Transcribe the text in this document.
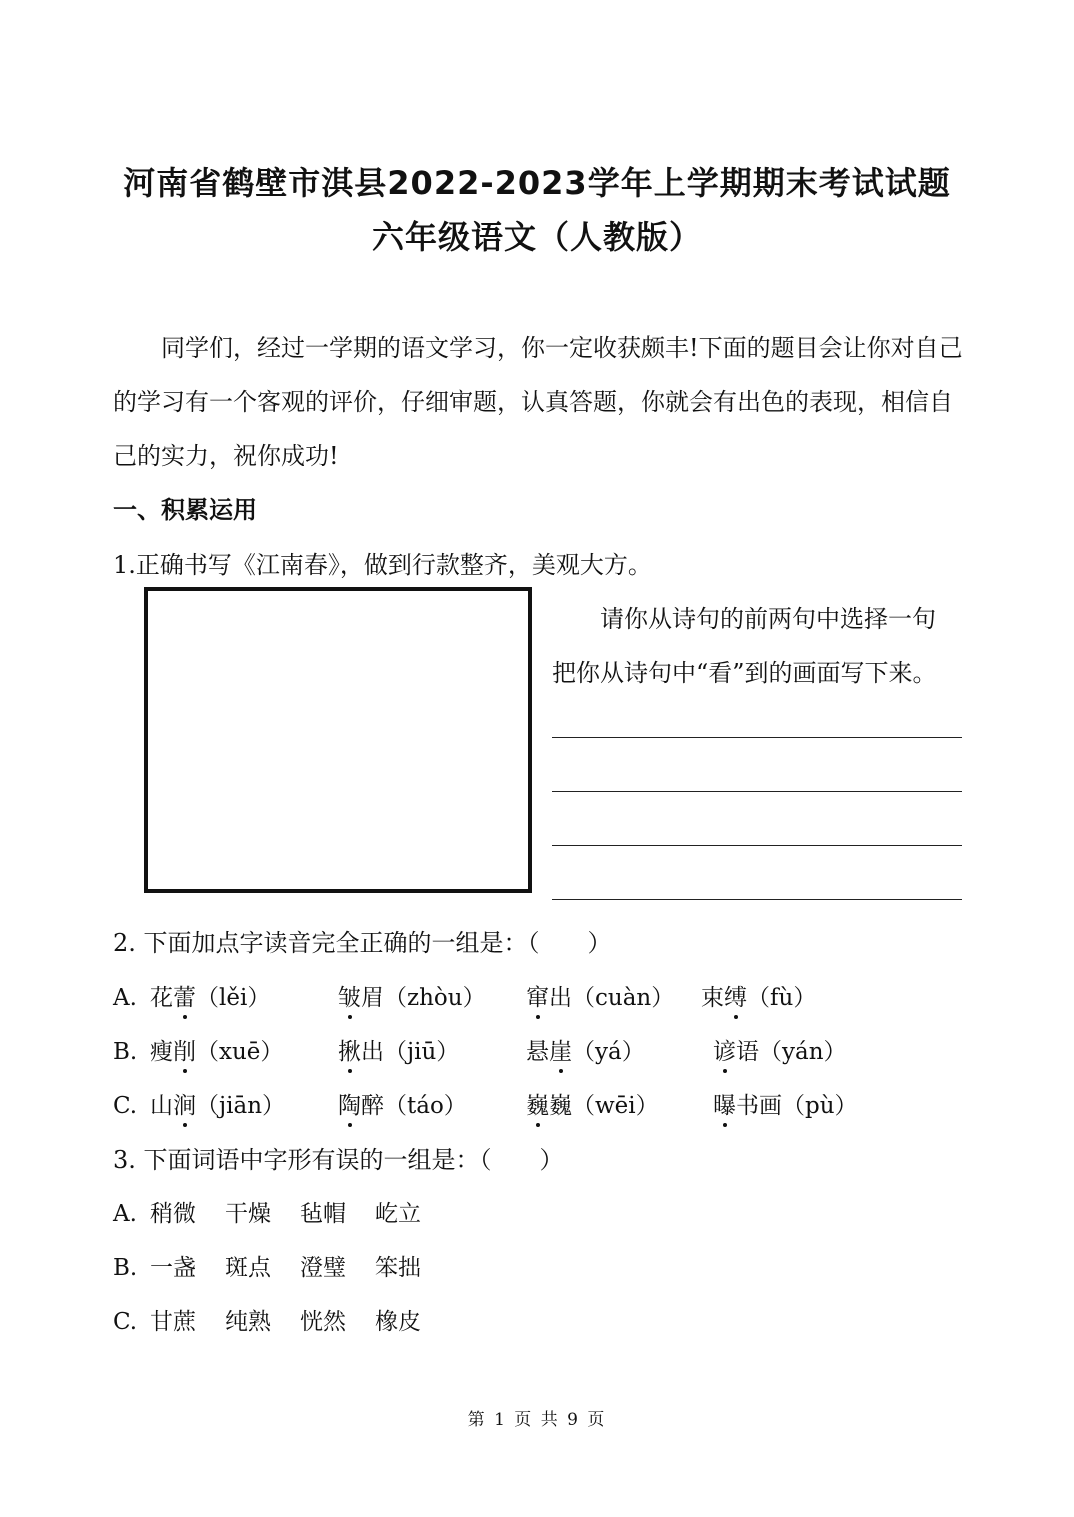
河南省鹤壁市淇县2022-2023学年上学期期末考试试题
六年级语文（人教版）
同学们，经过一学期的语文学习，你一定收获颇丰!下面的题目会让你对自己的学习有一个客观的评价，仔细审题，认真答题，你就会有出色的表现，相信自己的实力，祝你成功!
一、积累运用
1.正确书写《江南春》，做到行款整齐，美观大方。
请你从诗句的前两句中选择一句
把你从诗句中“看”到的画面写下来。
2. 下面加点字读音完全正确的一组是：（　　）
A. 花蕾（lěi）	皱眉（zhòu） 窜出（cuàn） 束缚（fù）
B. 瘦削（xuē） 揪出（jiū）	悬崖（yá）	谚语（yán）
C. 山涧（jiān） 陶醉（táo）	巍巍（wēi） 曝书画（pù）
3. 下面词语中字形有误的一组是：（　　）
A. 稍微 干燥 毡帽 屹立
B. 一盏 斑点 澄璧 笨拙
C. 甘蔗 纯熟 恍然 橡皮
第 1 页 共 9 页
